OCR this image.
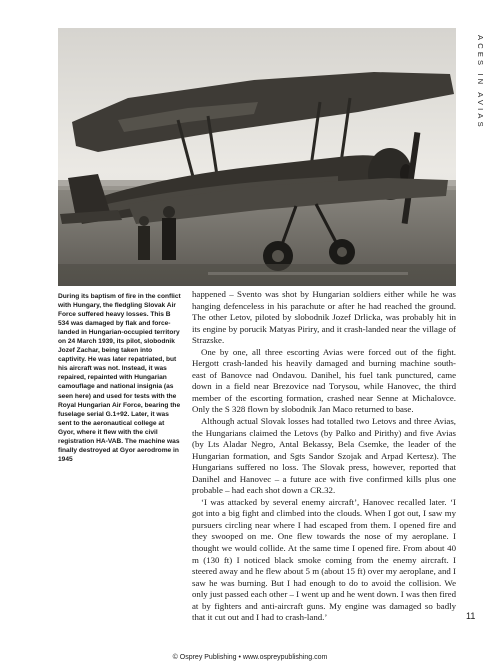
ACES IN AVIAS

During its baptism of fire in the conflict with Hungary, the fledgling Slovak Air Force suffered heavy losses. This B 534 was damaged by flak and force-landed in Hungarian-occupied territory on 24 March 1939, its pilot, slobodnik Jozef Zachar, being taken into captivity. He was later repatriated, but his aircraft was not. Instead, it was repaired, repainted with Hungarian camouflage and national insignia (as seen here) and used for tests with the Royal Hungarian Air Force, bearing the fuselage serial G.1+92. Later, it was sent to the aeronautical college at Gyor, where it flew with the civil registration HA-VAB. The machine was finally destroyed at Gyor aerodrome in 1945

happened – Svento was shot by Hungarian soldiers either while he was hanging defenceless in his parachute or after he had reached the ground. The other Letov, piloted by slobodnik Jozef Drlicka, was probably hit in its engine by porucik Matyas Piriry, and it crash-landed near the village of Strazske.

One by one, all three escorting Avias were forced out of the fight. Hergott crash-landed his heavily damaged and burning machine south-east of Banovce nad Ondavou. Danihel, his fuel tank punctured, came down in a field near Brezovice nad Torysou, while Hanovec, the third member of the escorting formation, crashed near Senne at Michalovce. Only the S 328 flown by slobodnik Jan Maco returned to base.

Although actual Slovak losses had totalled two Letovs and three Avias, the Hungarians claimed the Letovs (by Palko and Pirithy) and five Avias (by Lts Aladar Negro, Antal Bekassy, Bela Csemke, the leader of the Hungarian formation, and Sgts Sandor Szojak and Arpad Kertesz). The Hungarians suffered no loss. The Slovak press, however, reported that Danihel and Hanovec – a future ace with five confirmed kills plus one probable – had each shot down a CR.32.

‘I was attacked by several enemy aircraft’, Hanovec recalled later. ‘I got into a big fight and climbed into the clouds. When I got out, I saw my pursuers circling near where I had escaped from them. I opened fire and they swooped on me. One flew towards the nose of my aeroplane. I thought we would collide. At the same time I opened fire. From about 40 m (130 ft) I noticed black smoke coming from the enemy aircraft. I steered away and he flew about 5 m (about 15 ft) over my aeroplane, and I saw he was burning. But I had enough to do to avoid the collision. We only just passed each other – I went up and he went down. I was then fired at by fighters and anti-aircraft guns. My engine was damaged so badly that it cut out and I had to crash-land.’	11
© Osprey Publishing • www.ospreypublishing.com
